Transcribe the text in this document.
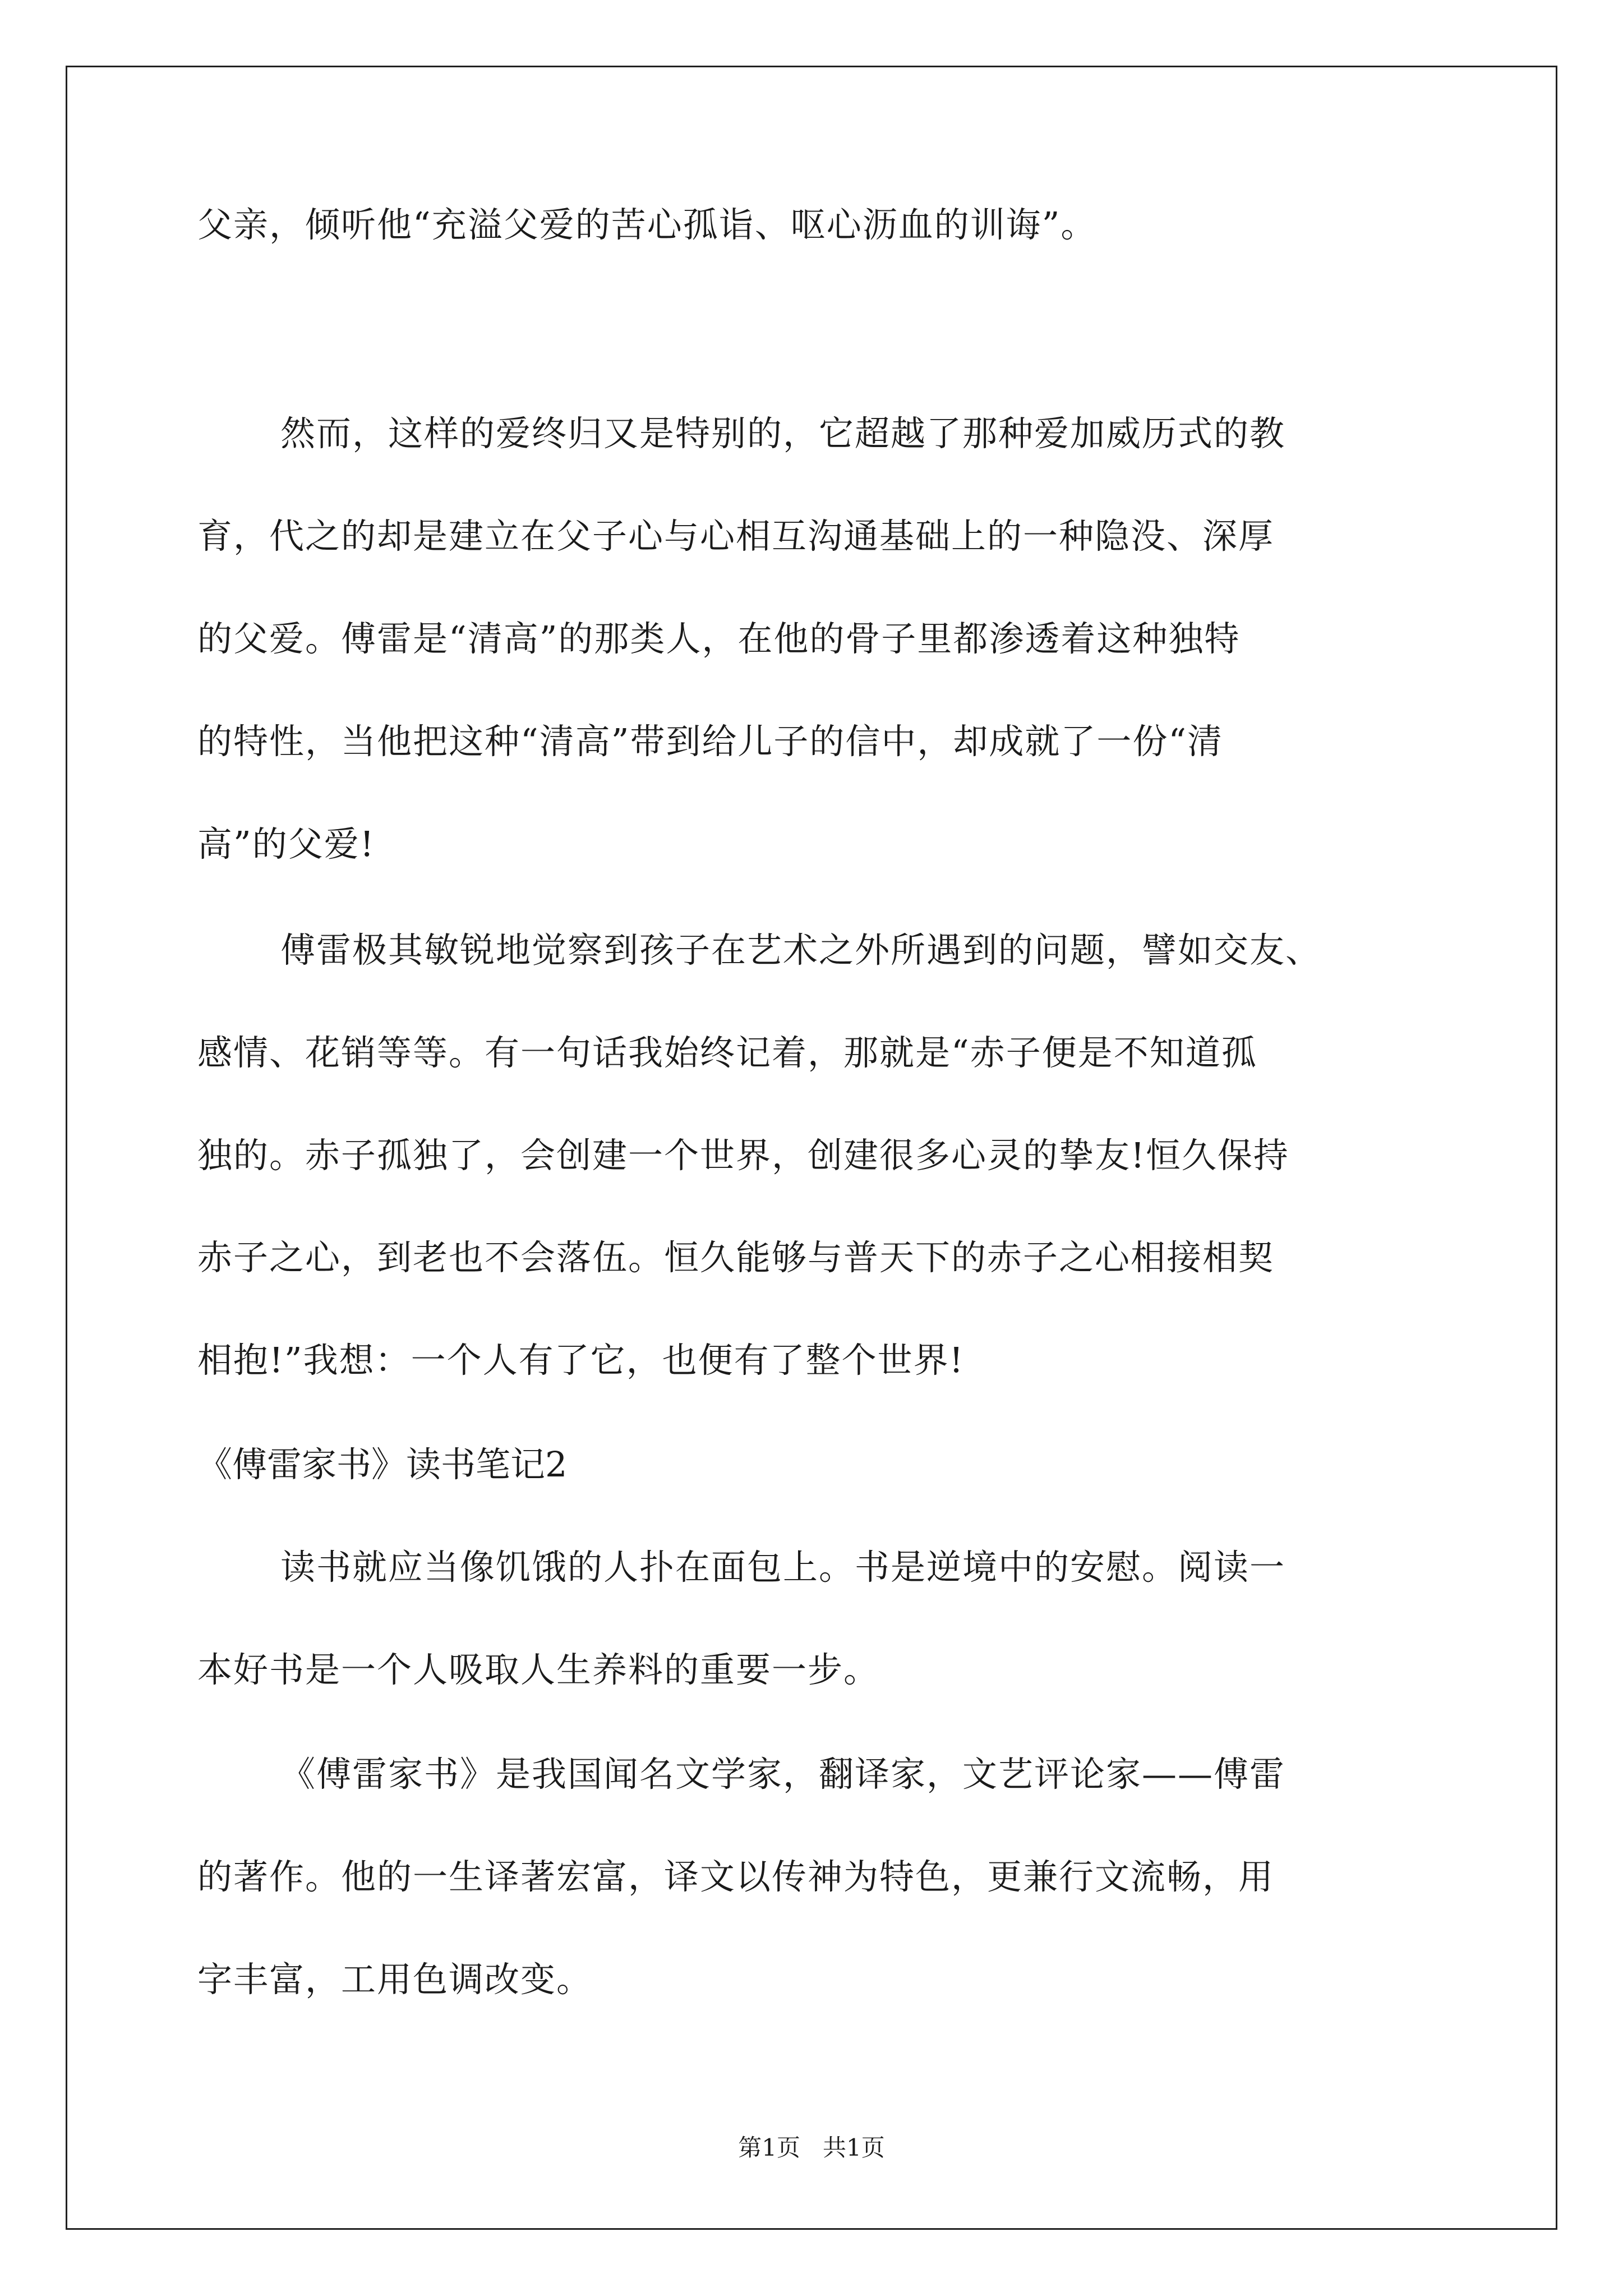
父亲，倾听他“充溢父爱的苦心孤诣、呕心沥血的训诲”。
然而，这样的爱终归又是特别的，它超越了那种爱加威历式的教
育，代之的却是建立在父子心与心相互沟通基础上的一种隐没、深厚
的父爱。傅雷是“清高”的那类人，在他的骨子里都渗透着这种独特
的特性，当他把这种“清高”带到给儿子的信中，却成就了一份“清
高”的父爱!
傅雷极其敏锐地觉察到孩子在艺术之外所遇到的问题，譬如交友、
感情、花销等等。有一句话我始终记着，那就是“赤子便是不知道孤
独的。赤子孤独了，会创建一个世界，创建很多心灵的挚友!恒久保持
赤子之心，到老也不会落伍。恒久能够与普天下的赤子之心相接相契
相抱!”我想：一个人有了它，也便有了整个世界!
《傅雷家书》读书笔记2
读书就应当像饥饿的人扑在面包上。书是逆境中的安慰。阅读一
本好书是一个人吸取人生养料的重要一步。
《傅雷家书》是我国闻名文学家，翻译家，文艺评论家——傅雷
的著作。他的一生译著宏富，译文以传神为特色，更兼行文流畅，用
字丰富，工用色调改变。
第1页   共1页
